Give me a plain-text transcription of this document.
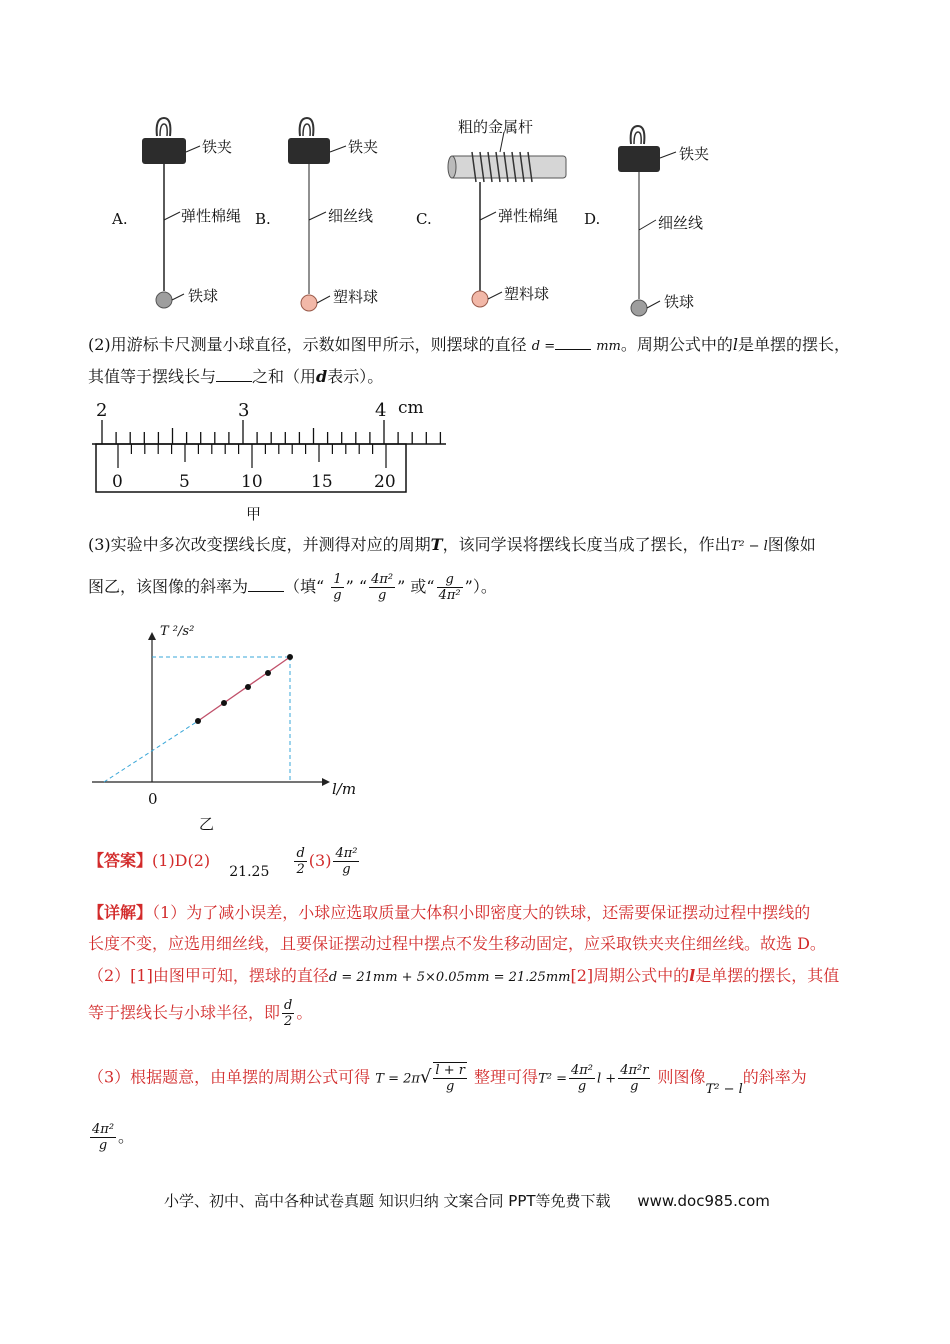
A.
铁夹
弹性棉绳
铁球
B.
铁夹
细丝线
塑料球
C.
粗的金属杆
弹性棉绳
塑料球
D.
铁夹
细丝线
铁球
(2)用游标卡尺测量小球直径，示数如图甲所示，则摆球的直径 d =	mm。周期公式中的l是单摆的摆长，
其值等于摆线长与 之和（用d表示）。
2	3	4 cm
0	5	10	15 20
甲
(3)实验中多次改变摆线长度，并测得对应的周期T，该同学误将摆线长度当成了摆长，作出T² − l图像如
图乙，该图像的斜率为 （填“ $\frac{1}{g}$ ” “ $\frac{\text{4π²}}{g}$ ” 或“ $\frac{g}{\text{4π²}}$ ”）。
T ²/s²
l/m
0
乙
【答案】(1)D(2) $21.25 \frac{d}{2} (3) \frac{\text{4π²}}{g}$
【详解】（1）为了减小误差，小球应选取质量大体积小即密度大的铁球，还需要保证摆动过程中摆线的
长度不变，应选用细丝线，且要保证摆动过程中摆点不发生移动固定，应采取铁夹夹住细丝线。故选 D。
（2）[1]由图甲可知，摆球的直径d = 21mm + 5×0.05mm = 21.25mm[2]周期公式中的l是单摆的摆长，其值
等于摆线长与小球半径，即 $\frac{d}{2}$ 。
（3）根据题意，由单摆的周期公式可得 $T = 2\pi√ \frac{l + r}{g}$ 整理可得$T^2 = \frac{\text{4π²}}{g}$ $l + \frac{\text{4π²r}}{g}$ 则图像$_{T^2 - l}$的斜率为
$\frac{\text{4π²}}{g}$ 。
小学、初中、高中各种试卷真题 知识归纳 文案合同 PPT等免费下载 www.doc985.com
